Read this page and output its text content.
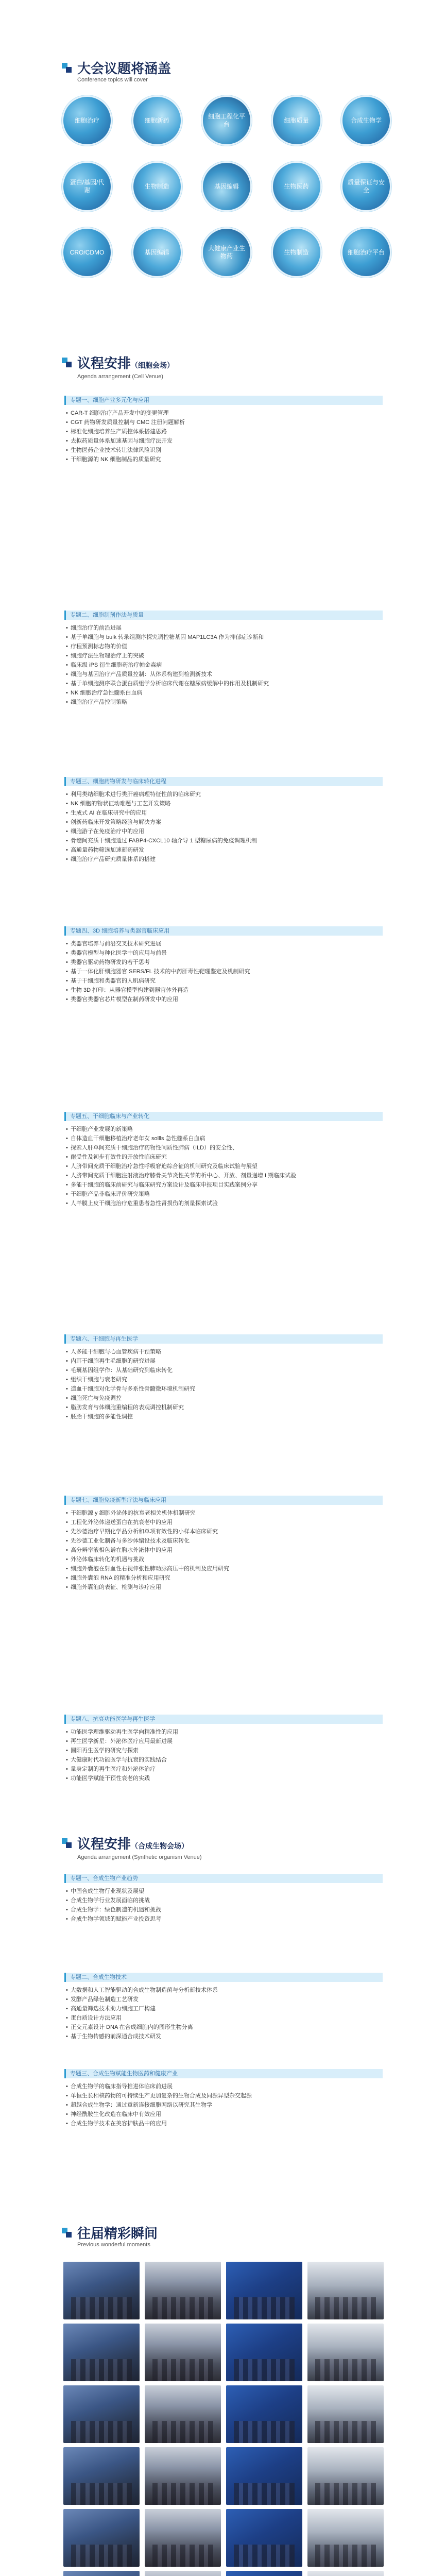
大会议题将涵盖
Conference topics will cover
细胞治疗	细胞新药
细胞工程化平台
细胞质量	合成生物学
蛋白/基因/代谢
生物制造	基因编辑	生物医药
质量保证与安全
CRO/CDMO	基因编辑
大健康产业生物药
生物制造	细胞治疗平台
议程安排（细胞会场）
Agenda arrangement (Cell Venue)
专题一、细胞产业多元化与应用
• CAR-T 细胞治疗产品开发中的变更管理
• CGT 药物研发质量控制与 CMC 注册问题解析
• 标准化细胞培养生产质控体系搭建思路
• 去拟药质量体系加速基因与细胞疗法开发
• 生物医药企业技术转让法律风险识别
• 干细胞源的 NK 细胞制品的质量研究
专题二、细胞制剂作法与质量
• 细胞治疗的前沿进展
• 基于单细胞与 bulk 转录组测序探究调控糖基因 MAP1LC3A 作为抑郁症诊断和
• 疗程预测标志物的价值
• 细胞疗法生物理治疗上的突破
• 临床级 iPS 衍生细胞药治疗帕金森病
• 细胞与基因治疗产品质量控制：从体系构建到检测新技术
• 基于单细胞测序联合蛋白质组学分析临床代谢在糖尿病缓解中的作用及机制研究
• NK 细胞治疗急性髓系白血病
• 细胞治疗产品控制策略
专题三、细胞药物研发与临床转化进程
• 利用类结细胞术进行类肝癌病理特征性前的临床研究
• NK 细胞的物状征动难题与工艺开发策略
• 生成式 AI 在临床研究中的应用
• 创新药临床开发策略经验与解决方案
• 细胞游子在免疫治疗中的应用
• 骨髓间充质干细胞通过 FABP4-CXCL10 轴介导 1 型糖尿病的免疫调理机制
• 高通量药物筛选加速新药研发
• 细胞治疗产品研究质量体系的搭建
专题四、3D 细胞培养与类器官临床应用
• 类器官培养与前沿交叉技术研究进展
• 类器官模型与种化医学中的应用与前景
• 类器官驱动药物研发的若干思考
• 基于一体化肝细胞器官 SERS/FL 技术的中药肝毒性靶理鉴定及机制研究
• 基于干细胞和类器官的人肌病研究
• 生物 3D 打印：从器官模型构建到器官体外再造
• 类器官类器官芯片模型在制药研发中的应用
专题五、干细胞临床与产业转化
• 干细胞产业发展的新策略
• 自体造血干细胞移植治疗老年女 sollls 急性髓系白血病
• 探索人肝单间充质干细胞治疗药物性间质性肺病（ILD）的安全性、
• 耐受性及初步有效性的开放性临床研究
• 人脐带间充质干细胞治疗急性呼吸窘迫综合征的机制研究及临床试验与展望
• 人脐带间充质干细胞注射液治疗膝骨关节炎性关节的析中心、开放、剂量递增 I 期临床试验
• 多能干细胞的临床前研究与临床研究方案设计及临床申报项目实践案例分享
• 干细胞产品非临床评价研究策略
• 人羊膜上皮干细胞治疗危重患者急性肾损伤的剂量探索试验
专题六、干细胞与再生医学
• 人多能干细胞与心血管疾病干预策略
• 内耳干细胞再生毛细胞的研究进展
• 毛囊基因组学作：从基础研究到临床转化
• 组织干细胞与衰老研究
• 造血干细胞对化学骨与多系性骨髓微环境机制研究
• 细胞死亡与免疫调控
• 脂肪发育与体细胞重编程的表观调控机制研究
• 胚胎干细胞的多能性调控
专题七、细胞免疫新型疗法与临床应用
• 干细胞源 y 细胞外泌体的抗衰老相关机体机制研究
• 工程化外泌体递送蛋白在抗衰老中的应用
• 先沙德治疗早期化学品分析和单项有效性的小样本临床研究
• 先沙德工业化制备与多沙体编设技术及临床转化
• 高分辨率液相色谱在胸水外泌体中的应用
• 外泌体临床转化的机遇与挑战
• 细胞外囊泡在射血性右视伸张性肺动脉高压中的机制及应用研究
• 细胞外囊泡 RNA 的精准分析和应用研究
• 细胞外囊泡的表征、检测与诊疗应用
专题八、抗衰功能医学与再生医学
• 功能医学理维驱动再生医学向精准性的应用
• 再生医学新星：外泌体医疗应用最新进展
• 圆阳再生医学的研究与探索
• 大健康时代功能医学与抗衰的实践结合
• 量身定制的再生医疗和外泌体治疗
• 功能医学赋能干预性衰老的实践
议程安排（合成生物会场）
Agenda arrangement (Synthetic organism Venue)
专题一、合成生物产业趋势
• 中国合成生物行业现状及展望
• 合成生物学行业发展面临的挑战
• 合成生物学：绿色制造的机遇和挑战
• 合成生物学领域的赋能产业投资思考
专题二、合成生物技术
• 大数据和人工智能驱动的合成生物制造菌与分析新技术体系
• 发酵产品绿色制造工艺研发
• 高通量筛选技术助力细胞工厂构建
• 蛋白质设计方法应用
• 正交元素设计 DNA 在合成细胞内的图形生物分离
• 基于生物传感的前深通合成技术研发
专题三、合成生物赋能生物医药和健康产业
• 合成生物学的临床指导推进体临床前进展
• 单恒生长相核药物的可持续生产更加复杂的生物合成及同源异型杂交起源
• 超越合成生物学：通过重新连接细胞网络以研究其生物学
• 神经酰胺生化改造在临床中有效应用
• 合成生物学技术在美容护肤品中的应用
往届精彩瞬间
Previous wonderful moments
